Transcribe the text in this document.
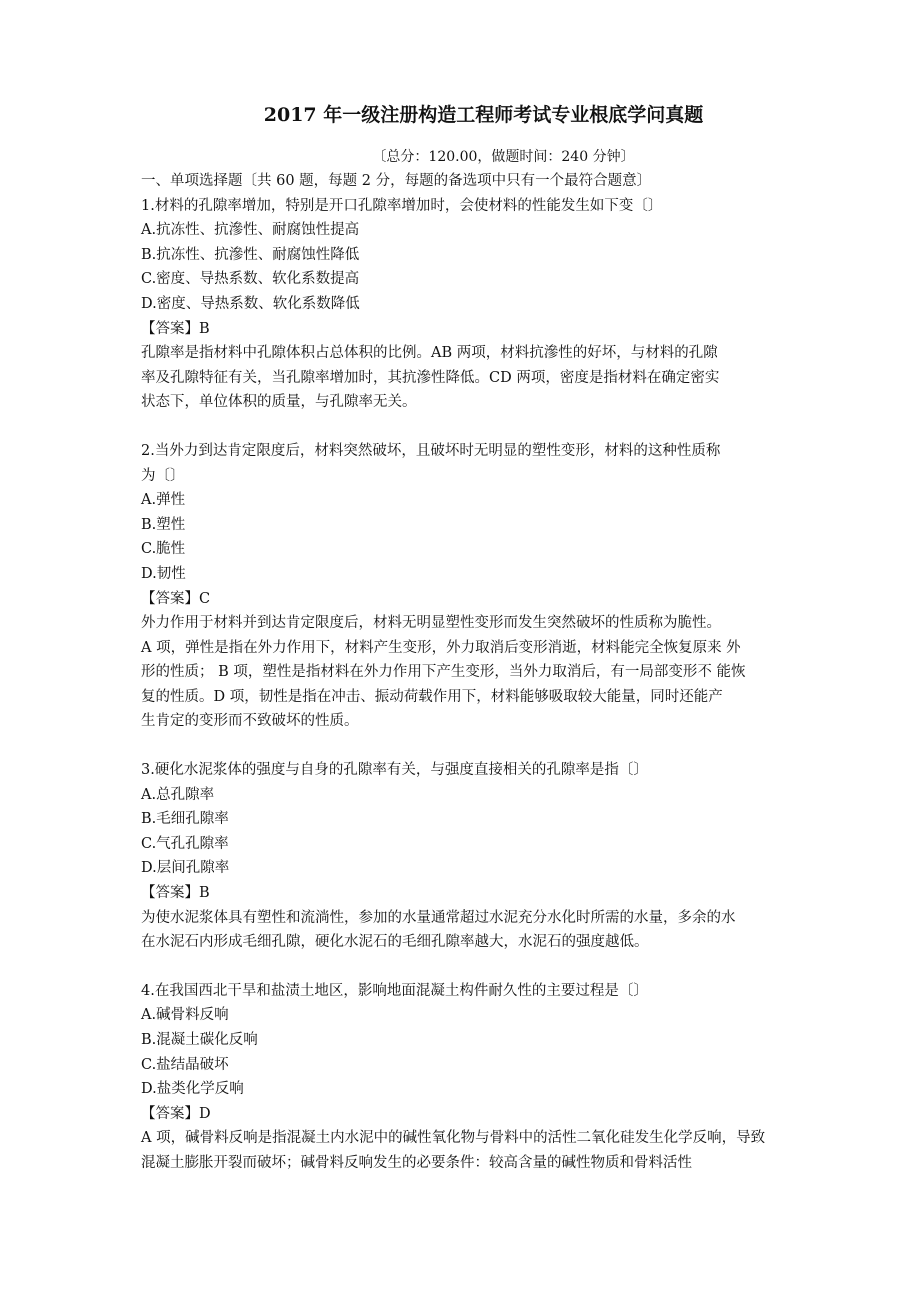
2017 年一级注册构造工程师考试专业根底学问真题
〔总分：120.00，做题时间：240 分钟〕
一、单项选择题〔共 60 题，每题 2 分，每题的备选项中只有一个最符合题意〕
1.材料的孔隙率增加，特别是开口孔隙率增加时，会使材料的性能发生如下变〔〕
A.抗冻性、抗滲性、耐腐蚀性提高
B.抗冻性、抗滲性、耐腐蚀性降低
C.密度、导热系数、软化系数提高
D.密度、导热系数、软化系数降低
【答案】B
孔隙率是指材料中孔隙体积占总体积的比例。AB 两项，材料抗滲性的好坏，与材料的孔隙
率及孔隙特征有关，当孔隙率增加时，其抗滲性降低。CD 两项，密度是指材料在确定密实
状态下，单位体积的质量，与孔隙率无关。
2.当外力到达肯定限度后，材料突然破坏，且破坏时无明显的塑性变形，材料的这种性质称
为〔〕
A.弹性
B.塑性
C.脆性
D.韧性
【答案】C
外力作用于材料并到达肯定限度后，材料无明显塑性变形而发生突然破坏的性质称为脆性。
A 项，弹性是指在外力作用下，材料产生变形，外力取消后变形消逝，材料能完全恢复原来 外
形的性质； B 项，塑性是指材料在外力作用下产生变形，当外力取消后，有一局部变形不 能恢
复的性质。D 项，韧性是指在冲击、振动荷载作用下，材料能够吸取较大能量，同时还能产
生肯定的变形而不致破坏的性质。
3.硬化水泥浆体的强度与自身的孔隙率有关，与强度直接相关的孔隙率是指〔〕
A.总孔隙率
B.毛细孔隙率
C.气孔孔隙率
D.层间孔隙率
【答案】B
为使水泥浆体具有塑性和流淌性，参加的水量通常超过水泥充分水化时所需的水量，多余的水
在水泥石内形成毛细孔隙，硬化水泥石的毛细孔隙率越大，水泥石的强度越低。
4.在我国西北干旱和盐渍土地区，影响地面混凝土构件耐久性的主要过程是〔〕
A.碱骨料反响
B.混凝土碳化反响
C.盐结晶破坏
D.盐类化学反响
【答案】D
A 项，碱骨料反响是指混凝土内水泥中的碱性氧化物与骨料中的活性二氧化硅发生化学反响，导致
混凝土膨胀开裂而破坏；碱骨料反响发生的必要条件：较高含量的碱性物质和骨料活性
